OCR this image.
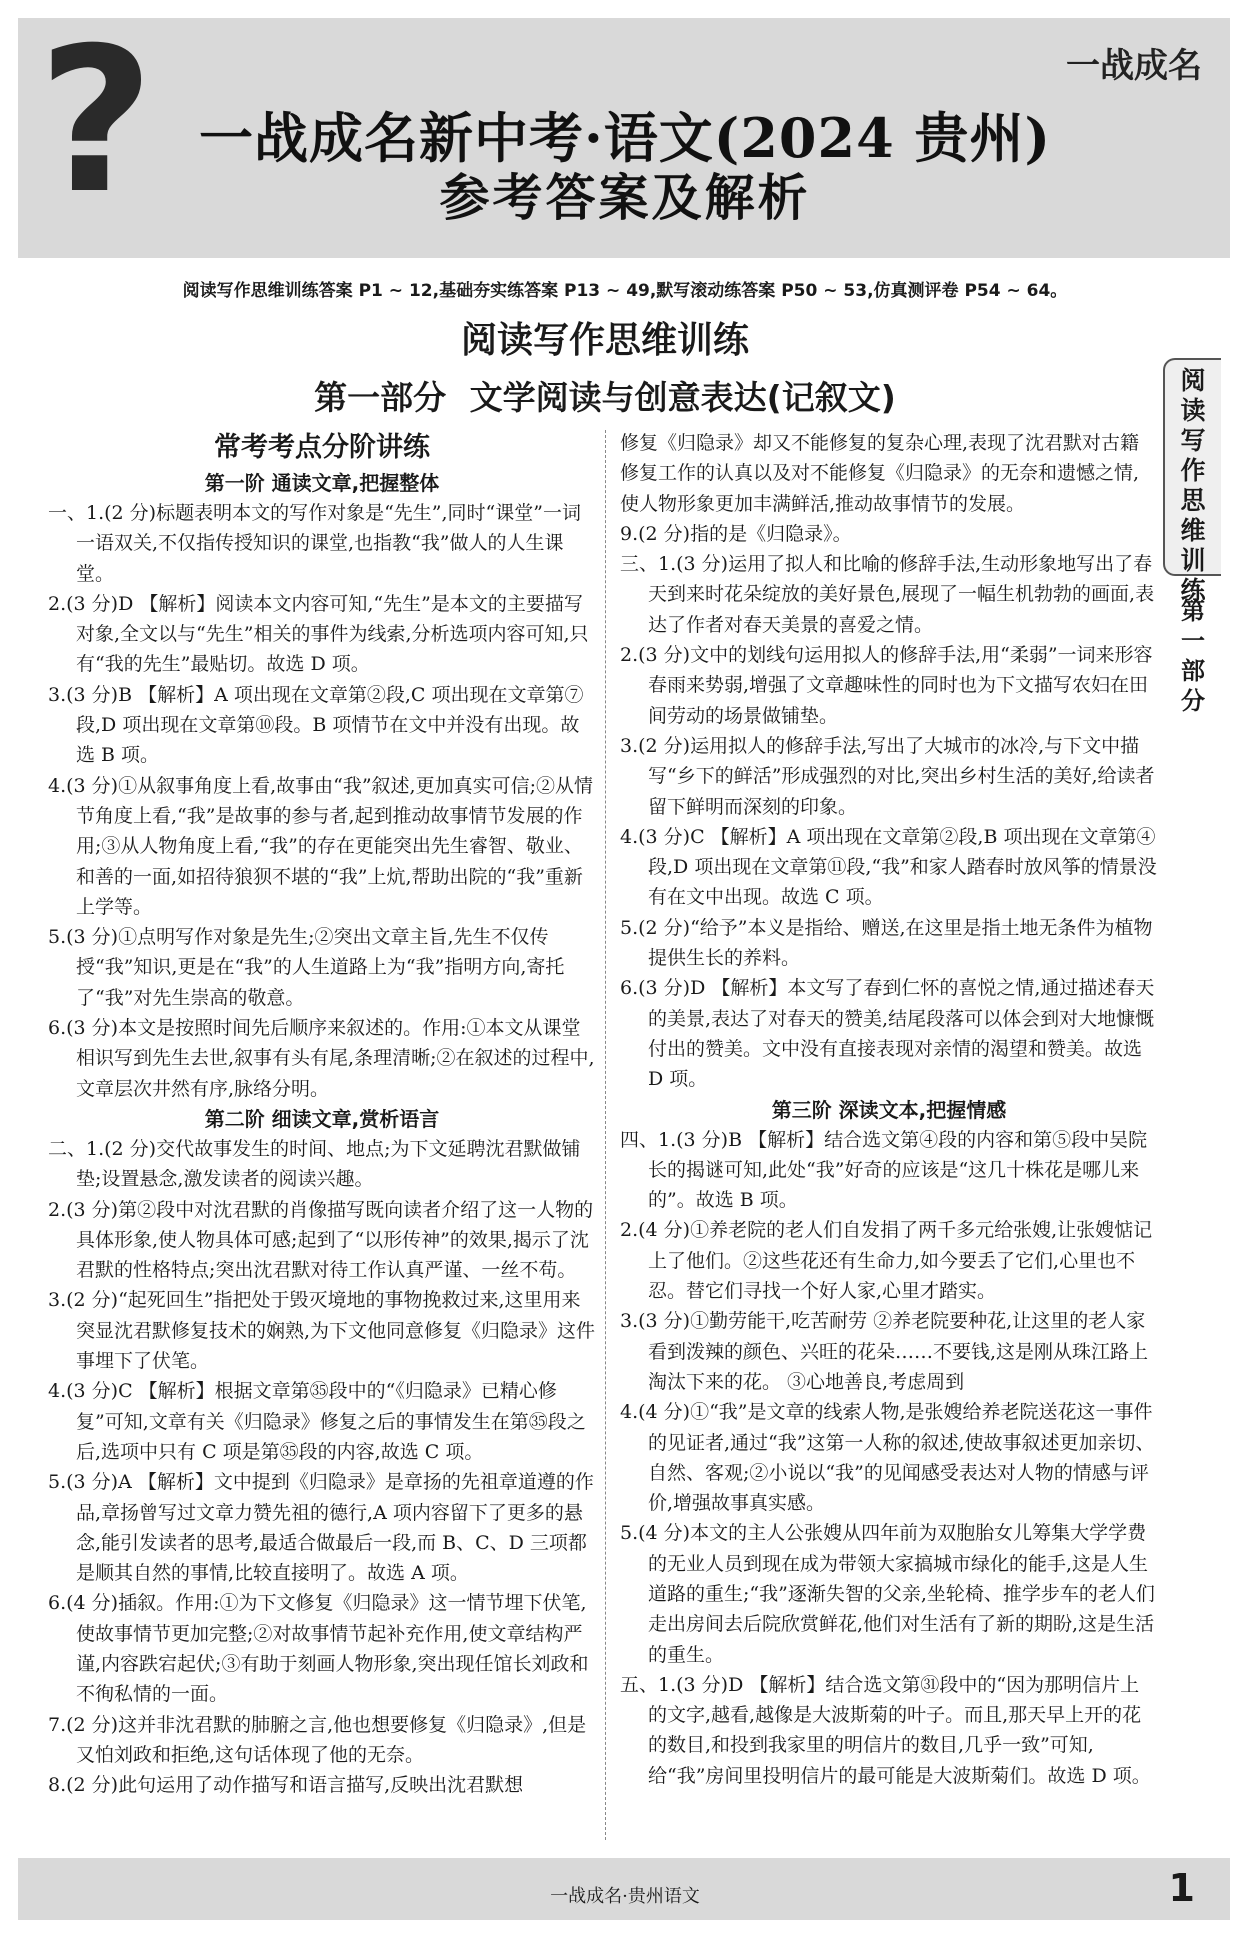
?	一战成名
一战成名新中考·语文(2024 贵州)
参考答案及解析
阅读写作思维训练答案 P1 ~ 12,基础夯实练答案 P13 ~ 49,默写滚动练答案 P50 ~ 53,仿真测评卷 P54 ~ 64。
阅读写作思维训练
第一部分 文学阅读与创意表达(记叙文)	阅读写作思维训练
第一部分
常考考点分阶讲练
第一阶 通读文章,把握整体

一、1.(2 分)标题表明本文的写作对象是“先生”,同时“课堂”一词一语双关,不仅指传授知识的课堂,也指教“我”做人的人生课堂。

2.(3 分)D 【解析】阅读本文内容可知,“先生”是本文的主要描写对象,全文以与“先生”相关的事件为线索,分析选项内容可知,只有“我的先生”最贴切。故选 D 项。

3.(3 分)B 【解析】A 项出现在文章第②段,C 项出现在文章第⑦段,D 项出现在文章第⑩段。B 项情节在文中并没有出现。故选 B 项。

4.(3 分)①从叙事角度上看,故事由“我”叙述,更加真实可信;②从情节角度上看,“我”是故事的参与者,起到推动故事情节发展的作用;③从人物角度上看,“我”的存在更能突出先生睿智、敬业、和善的一面,如招待狼狈不堪的“我”上炕,帮助出院的“我”重新上学等。

5.(3 分)①点明写作对象是先生;②突出文章主旨,先生不仅传授“我”知识,更是在“我”的人生道路上为“我”指明方向,寄托了“我”对先生崇高的敬意。

6.(3 分)本文是按照时间先后顺序来叙述的。作用:①本文从课堂相识写到先生去世,叙事有头有尾,条理清晰;②在叙述的过程中,文章层次井然有序,脉络分明。

第二阶 细读文章,赏析语言

二、1.(2 分)交代故事发生的时间、地点;为下文延聘沈君默做铺垫;设置悬念,激发读者的阅读兴趣。

2.(3 分)第②段中对沈君默的肖像描写既向读者介绍了这一人物的具体形象,使人物具体可感;起到了“以形传神”的效果,揭示了沈君默的性格特点;突出沈君默对待工作认真严谨、一丝不苟。

3.(2 分)“起死回生”指把处于毁灭境地的事物挽救过来,这里用来突显沈君默修复技术的娴熟,为下文他同意修复《归隐录》这件事埋下了伏笔。

4.(3 分)C 【解析】根据文章第㉟段中的“《归隐录》已精心修复”可知,文章有关《归隐录》修复之后的事情发生在第㉟段之后,选项中只有 C 项是第㉟段的内容,故选 C 项。

5.(3 分)A 【解析】文中提到《归隐录》是章扬的先祖章道遵的作品,章扬曾写过文章力赞先祖的德行,A 项内容留下了更多的悬念,能引发读者的思考,最适合做最后一段,而 B、C、D 三项都是顺其自然的事情,比较直接明了。故选 A 项。

6.(4 分)插叙。作用:①为下文修复《归隐录》这一情节埋下伏笔,使故事情节更加完整;②对故事情节起补充作用,使文章结构严谨,内容跌宕起伏;③有助于刻画人物形象,突出现任馆长刘政和不徇私情的一面。

7.(2 分)这并非沈君默的肺腑之言,他也想要修复《归隐录》,但是又怕刘政和拒绝,这句话体现了他的无奈。

8.(2 分)此句运用了动作描写和语言描写,反映出沈君默想

修复《归隐录》却又不能修复的复杂心理,表现了沈君默对古籍修复工作的认真以及对不能修复《归隐录》的无奈和遗憾之情,使人物形象更加丰满鲜活,推动故事情节的发展。

9.(2 分)指的是《归隐录》。

三、1.(3 分)运用了拟人和比喻的修辞手法,生动形象地写出了春天到来时花朵绽放的美好景色,展现了一幅生机勃勃的画面,表达了作者对春天美景的喜爱之情。

2.(3 分)文中的划线句运用拟人的修辞手法,用“柔弱”一词来形容春雨来势弱,增强了文章趣味性的同时也为下文描写农妇在田间劳动的场景做铺垫。

3.(2 分)运用拟人的修辞手法,写出了大城市的冰冷,与下文中描写“乡下的鲜活”形成强烈的对比,突出乡村生活的美好,给读者留下鲜明而深刻的印象。

4.(3 分)C 【解析】A 项出现在文章第②段,B 项出现在文章第④段,D 项出现在文章第⑪段,“我”和家人踏春时放风筝的情景没有在文中出现。故选 C 项。

5.(2 分)“给予”本义是指给、赠送,在这里是指土地无条件为植物提供生长的养料。

6.(3 分)D 【解析】本文写了春到仁怀的喜悦之情,通过描述春天的美景,表达了对春天的赞美,结尾段落可以体会到对大地慷慨付出的赞美。文中没有直接表现对亲情的渴望和赞美。故选 D 项。

第三阶 深读文本,把握情感

四、1.(3 分)B 【解析】结合选文第④段的内容和第⑤段中吴院长的揭谜可知,此处“我”好奇的应该是“这几十株花是哪儿来的”。故选 B 项。

2.(4 分)①养老院的老人们自发捐了两千多元给张嫂,让张嫂惦记上了他们。②这些花还有生命力,如今要丢了它们,心里也不忍。替它们寻找一个好人家,心里才踏实。

3.(3 分)①勤劳能干,吃苦耐劳 ②养老院要种花,让这里的老人家看到泼辣的颜色、兴旺的花朵……不要钱,这是刚从珠江路上淘汰下来的花。 ③心地善良,考虑周到

4.(4 分)①“我”是文章的线索人物,是张嫂给养老院送花这一事件的见证者,通过“我”这第一人称的叙述,使故事叙述更加亲切、自然、客观;②小说以“我”的见闻感受表达对人物的情感与评价,增强故事真实感。

5.(4 分)本文的主人公张嫂从四年前为双胞胎女儿筹集大学学费的无业人员到现在成为带领大家搞城市绿化的能手,这是人生道路的重生;“我”逐渐失智的父亲,坐轮椅、推学步车的老人们走出房间去后院欣赏鲜花,他们对生活有了新的期盼,这是生活的重生。

五、1.(3 分)D 【解析】结合选文第㉛段中的“因为那明信片上的文字,越看,越像是大波斯菊的叶子。而且,那天早上开的花的数目,和投到我家里的明信片的数目,几乎一致”可知,给“我”房间里投明信片的最可能是大波斯菊们。故选 D 项。

一战成名·贵州语文	1
